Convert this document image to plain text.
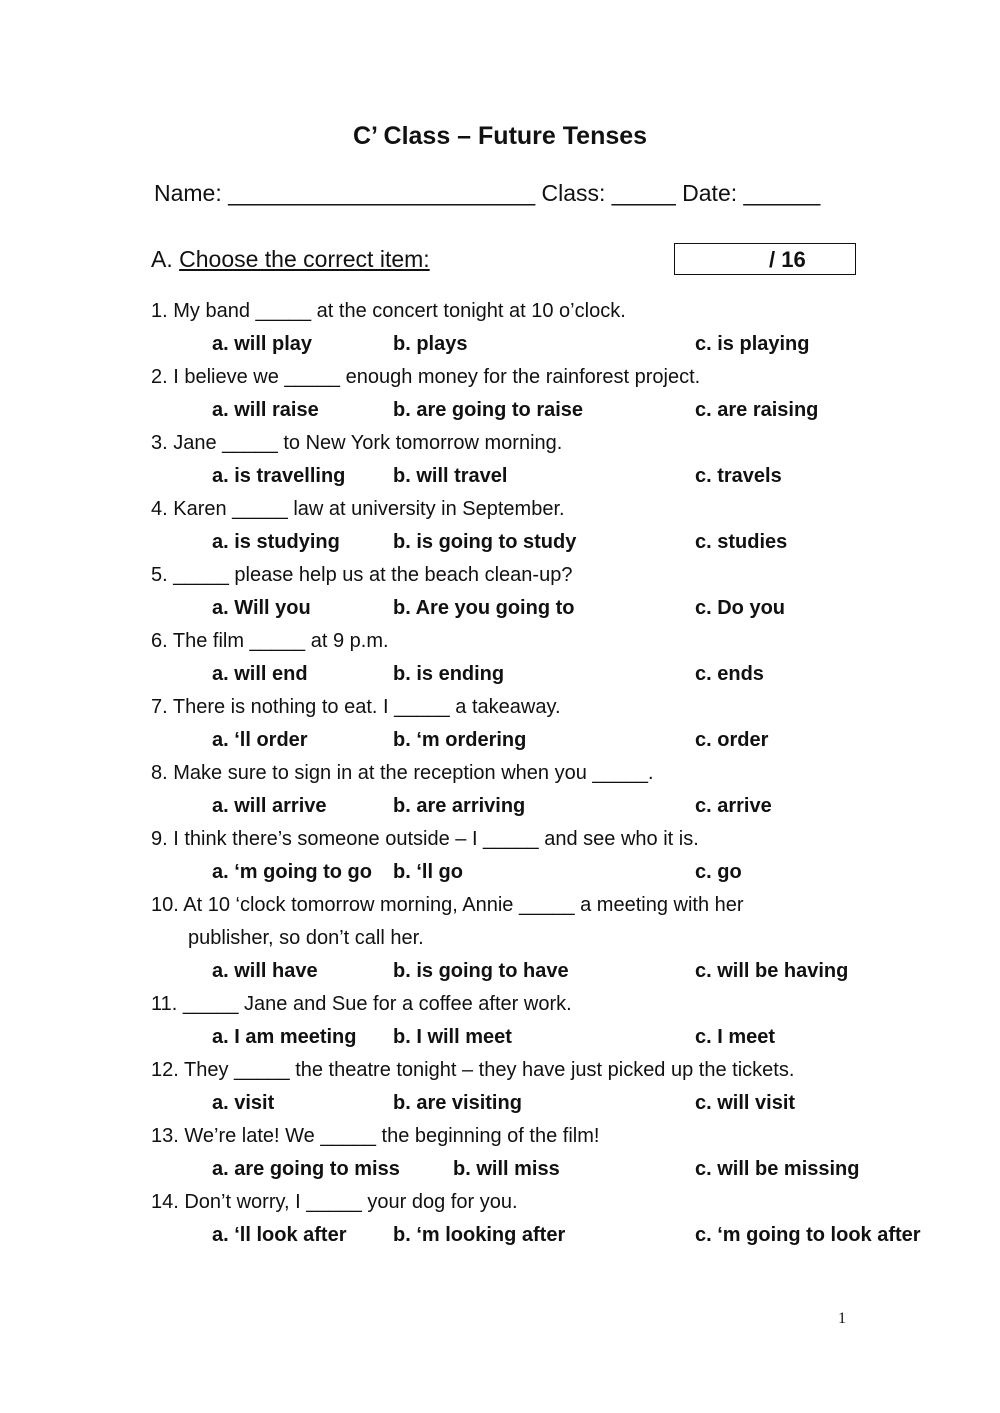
C’ Class – Future Tenses
Name: ________________________ Class: _____ Date: ______
A. Choose the correct item:	/ 16
1. My band _____ at the concert tonight at 10 o’clock.
a. will play	b. plays	c. is playing
2. I believe we _____ enough money for the rainforest project.
a. will raise	b. are going to raise	c. are raising
3. Jane _____ to New York tomorrow morning.
a. is travelling b. will travel	c. travels
4. Karen _____ law at university in September.
a. is studying	b. is going to study	c. studies
5. _____ please help us at the beach clean-up?
a. Will you	b. Are you going to	c. Do you
6. The film _____ at 9 p.m.
a. will end	b. is ending	c. ends
7. There is nothing to eat. I _____ a takeaway.
a. ‘ll order	b. ‘m ordering	c. order
8. Make sure to sign in at the reception when you _____.
a. will arrive	b. are arriving	c. arrive
9. I think there’s someone outside – I _____ and see who it is.
a. ‘m going to go b. ‘ll go	c. go
10. At 10 ‘clock tomorrow morning, Annie _____ a meeting with her
publisher, so don’t call her.
a. will have	b. is going to have	c. will be having
11. _____ Jane and Sue for a coffee after work.
a. I am meeting b. I will meet	c. I meet
12. They _____ the theatre tonight – they have just picked up the tickets.
a. visit	b. are visiting	c. will visit
13. We’re late! We _____ the beginning of the film!
a. are going to miss	b. will miss	c. will be missing
14. Don’t worry, I _____ your dog for you.
a. ‘ll look after b. ‘m looking after	c. ‘m going to look after
1
